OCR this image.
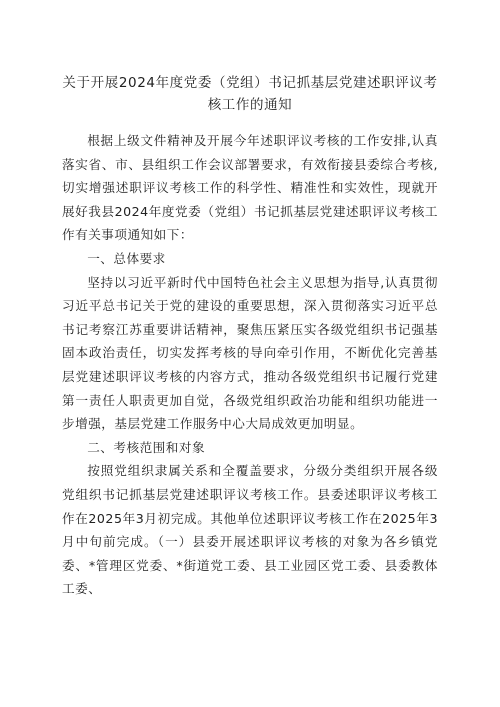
关于开展2024年度党委（党组）书记抓基层党建述职评议考核工作的通知

根据上级文件精神及开展今年述职评议考核的工作安排,认真落实省、市、县组织工作会议部署要求，有效衔接县委综合考核,切实增强述职评议考核工作的科学性、精准性和实效性，现就开展好我县2024年度党委（党组）书记抓基层党建述职评议考核工作有关事项通知如下：

一、总体要求

坚持以习近平新时代中国特色社会主义思想为指导,认真贯彻习近平总书记关于党的建设的重要思想，深入贯彻落实习近平总书记考察江苏重要讲话精神，聚焦压紧压实各级党组织书记强基固本政治责任，切实发挥考核的导向牵引作用，不断优化完善基层党建述职评议考核的内容方式，推动各级党组织书记履行党建第一责任人职责更加自觉，各级党组织政治功能和组织功能进一步增强，基层党建工作服务中心大局成效更加明显。

二、考核范围和对象

按照党组织隶属关系和全覆盖要求，分级分类组织开展各级党组织书记抓基层党建述职评议考核工作。县委述职评议考核工作在2025年3月初完成。其他单位述职评议考核工作在2025年3月中旬前完成。（一）县委开展述职评议考核的对象为各乡镇党委、*管理区党委、*街道党工委、县工业园区党工委、县委教体工委、
